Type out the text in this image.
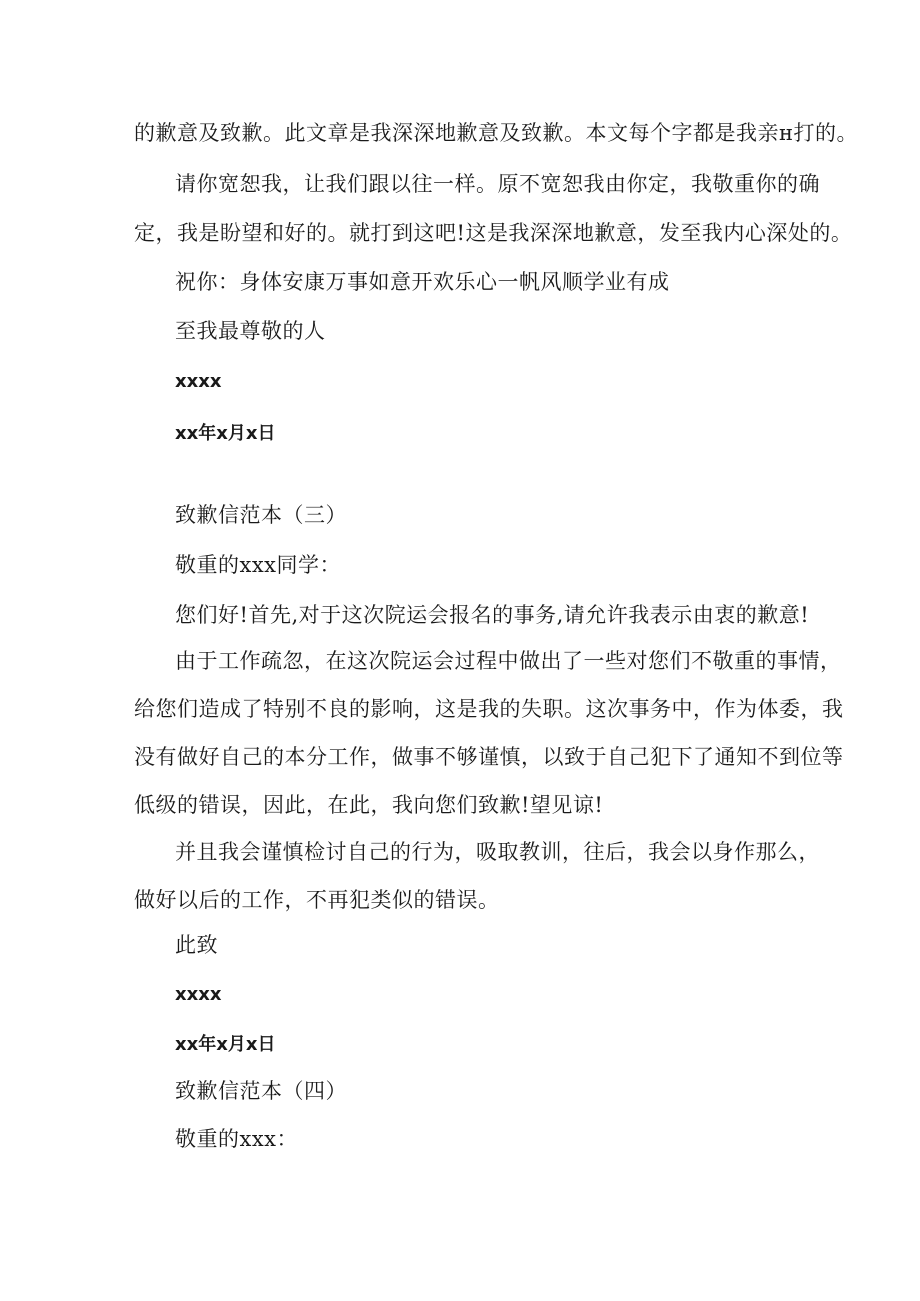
的歉意及致歉。此文章是我深深地歉意及致歉。本文每个字都是我亲н打的。
请你宽恕我，让我们跟以往一样。原不宽恕我由你定，我敬重你的确
定，我是盼望和好的。就打到这吧!这是我深深地歉意，发至我内心深处的。
祝你：身体安康万事如意开欢乐心一帆风顺学业有成
至我最尊敬的人
xxxx
xx年x月x日
致歉信范本（三）
敬重的xxx同学：
您们好!首先,对于这次院运会报名的事务,请允许我表示由衷的歉意!
由于工作疏忽，在这次院运会过程中做出了一些对您们不敬重的事情，
给您们造成了特别不良的影响，这是我的失职。这次事务中，作为体委，我
没有做好自己的本分工作，做事不够谨慎，以致于自己犯下了通知不到位等
低级的错误，因此，在此，我向您们致歉!望见谅!
并且我会谨慎检讨自己的行为，吸取教训，往后，我会以身作那么，
做好以后的工作，不再犯类似的错误。
此致
xxxx
xx年x月x日
致歉信范本（四）
敬重的xxx：
